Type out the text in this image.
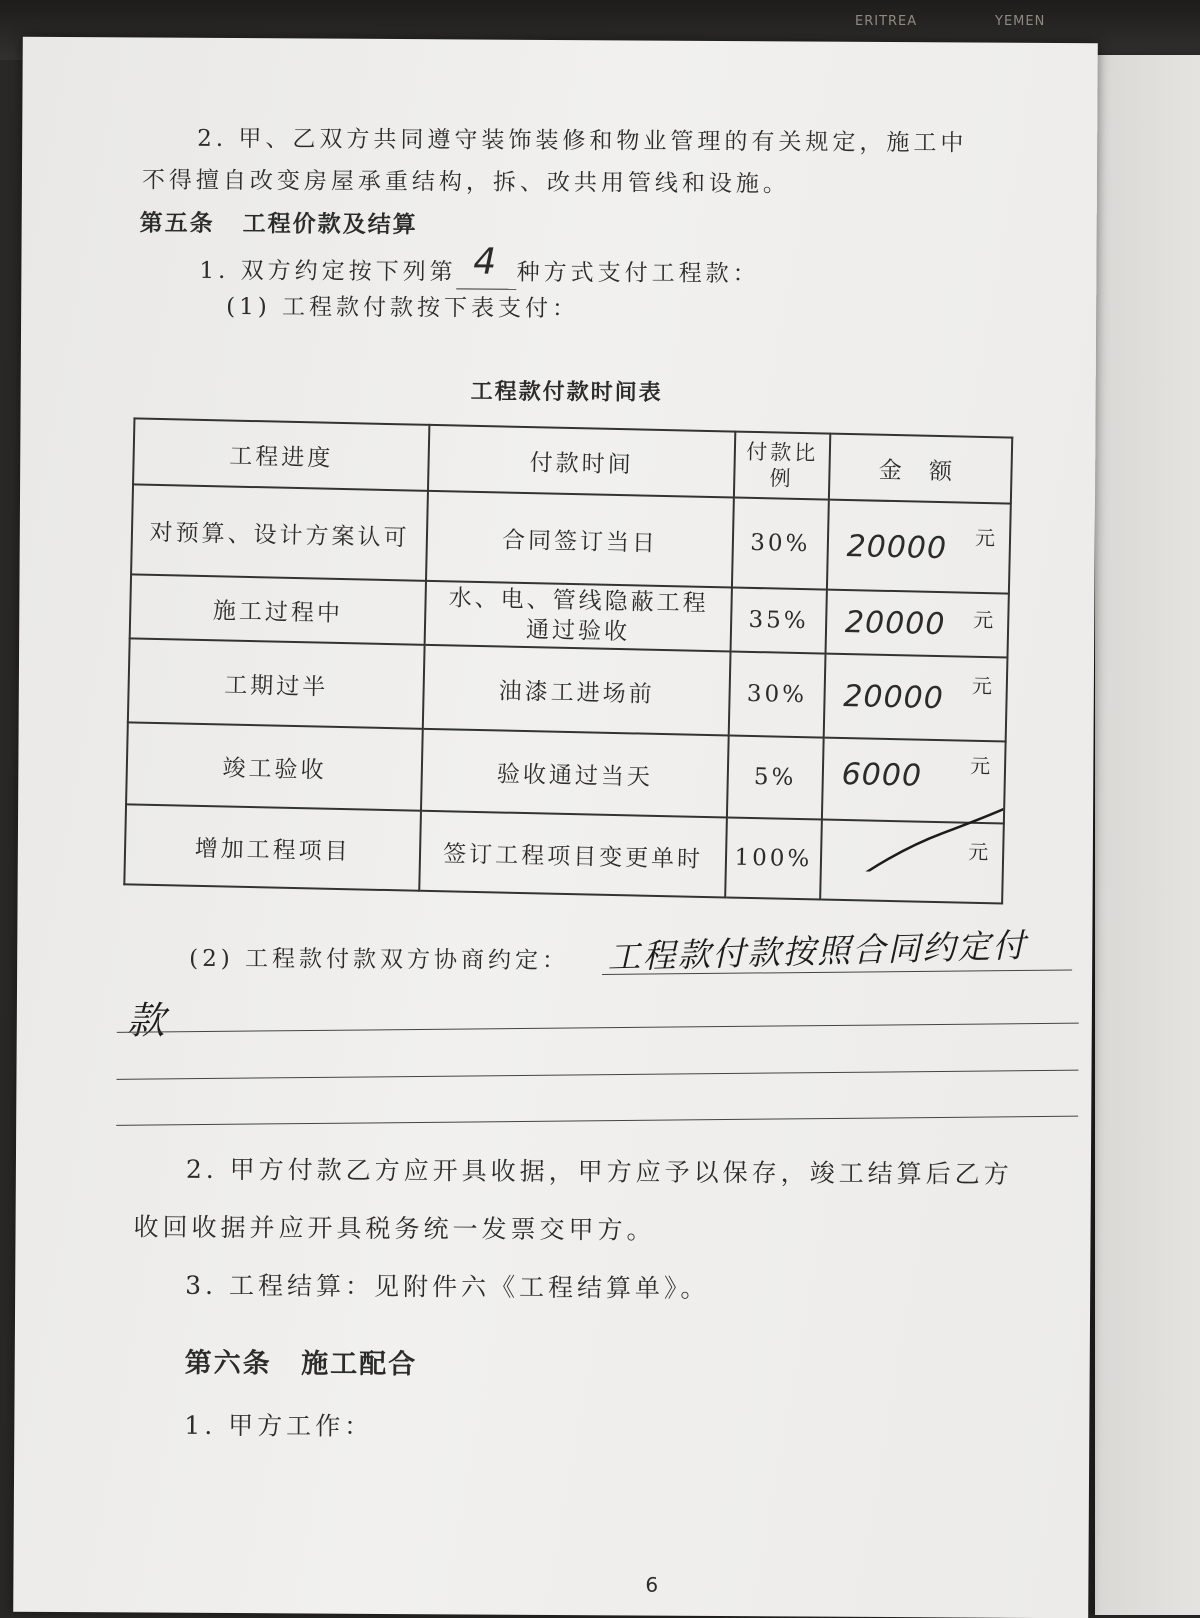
ERITREA	YEMEN
2. 甲、乙双方共同遵守装饰装修和物业管理的有关规定，施工中
不得擅自改变房屋承重结构，拆、改共用管线和设施。
第五条 工程价款及结算
1. 双方约定按下列第 4 种方式支付工程款：
(1) 工程款付款按下表支付：
工程款付款时间表
工程进度	付款时间	付款比例	金 额
对预算、设计方案认可	合同签订当日	30%	20000 元

施工过程中	水、电、管线隐蔽工程通过验收	35%	20000 元

工期过半	油漆工进场前	30%	20000 元

竣工验收	验收通过当天	5%	6000 元

增加工程项目	签订工程项目变更单时	100%	元
(2) 工程款付款双方协商约定： 工程款付款按照合同约定付
款
2. 甲方付款乙方应开具收据，甲方应予以保存，竣工结算后乙方
收回收据并应开具税务统一发票交甲方。
3. 工程结算：见附件六《工程结算单》。
第六条 施工配合
1. 甲方工作：
6
